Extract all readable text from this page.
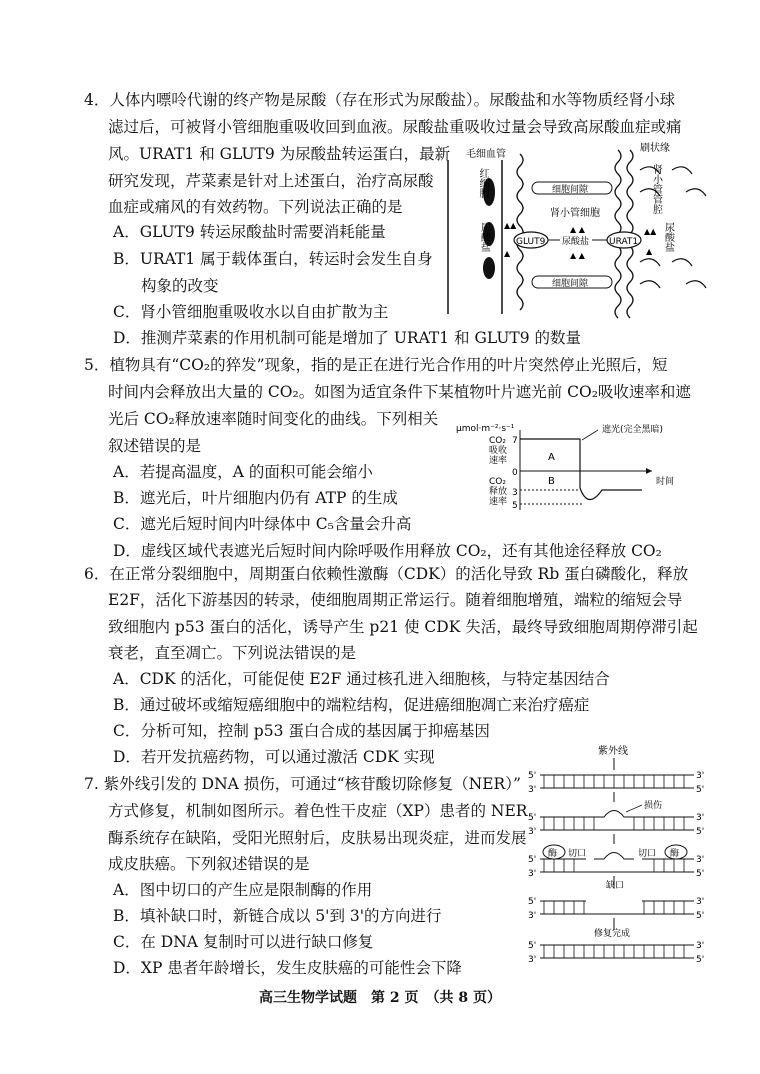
4．人体内嘌呤代谢的终产物是尿酸（存在形式为尿酸盐）。尿酸盐和水等物质经肾小球
滤过后，可被肾小管细胞重吸收回到血液。尿酸盐重吸收过量会导致高尿酸血症或痛
风。URAT1 和 GLUT9 为尿酸盐转运蛋白，最新
研究发现，芹菜素是针对上述蛋白，治疗高尿酸
血症或痛风的有效药物。下列说法正确的是
A．GLUT9 转运尿酸盐时需要消耗能量
B．URAT1 属于载体蛋白，转运时会发生自身
构象的改变
C．肾小管细胞重吸收水以自由扩散为主
D．推测芹菜素的作用机制可能是增加了 URAT1 和 GLUT9 的数量
毛细血管
红细胞
尿酸盐
刷状缘
肾小管管腔
尿酸盐
细胞间隙
细胞间隙
肾小管细胞
GLUT9	URAT1
尿酸盐
▲ ▲
▲ ▲
▲▲
▲
▲▲
▲
5．植物具有“CO₂的猝发”现象，指的是正在进行光合作用的叶片突然停止光照后，短
时间内会释放出大量的 CO₂。如图为适宜条件下某植物叶片遮光前 CO₂吸收速率和遮
光后 CO₂释放速率随时间变化的曲线。下列相关
叙述错误的是
A．若提高温度，A 的面积可能会缩小
B．遮光后，叶片细胞内仍有 ATP 的生成
C．遮光后短时间内叶绿体中 C₅含量会升高
D．虚线区域代表遮光后短时间内除呼吸作用释放 CO₂，还有其他途径释放 CO₂
μmol·m⁻²·s⁻¹	遮光(完全黑暗)
CO₂
吸收
速率
CO₂
释放
速率
7
0
3
5
时间
A
B
6．在正常分裂细胞中，周期蛋白依赖性激酶（CDK）的活化导致 Rb 蛋白磷酸化，释放
E2F，活化下游基因的转录，使细胞周期正常运行。随着细胞增殖，端粒的缩短会导
致细胞内 p53 蛋白的活化，诱导产生 p21 使 CDK 失活，最终导致细胞周期停滞引起
衰老，直至凋亡。下列说法错误的是
A．CDK 的活化，可能促使 E2F 通过核孔进入细胞核，与特定基因结合
B．通过破坏或缩短癌细胞中的端粒结构，促进癌细胞凋亡来治疗癌症
C．分析可知，控制 p53 蛋白合成的基因属于抑癌基因
D．若开发抗癌药物，可以通过激活 CDK 实现
7. 紫外线引发的 DNA 损伤，可通过“核苷酸切除修复（NER）”
方式修复，机制如图所示。着色性干皮症（XP）患者的 NER
酶系统存在缺陷，受阳光照射后，皮肤易出现炎症，进而发展
成皮肤癌。下列叙述错误的是
A．图中切口的产生应是限制酶的作用
B．填补缺口时，新链合成以 5'到 3'的方向进行
C．在 DNA 复制时可以进行缺口修复
D．XP 患者年龄增长，发生皮肤癌的可能性会下降
紫外线
5'	3'
3'	5'
5'	3'
3'	5'
损伤
5'	3'
3'	5'
酶	酶
切口	切口
缺口
5'	3'
3'	5'
修复完成
5'	3'
3'	5'
高三生物学试题　第 2 页　（共 8 页）
